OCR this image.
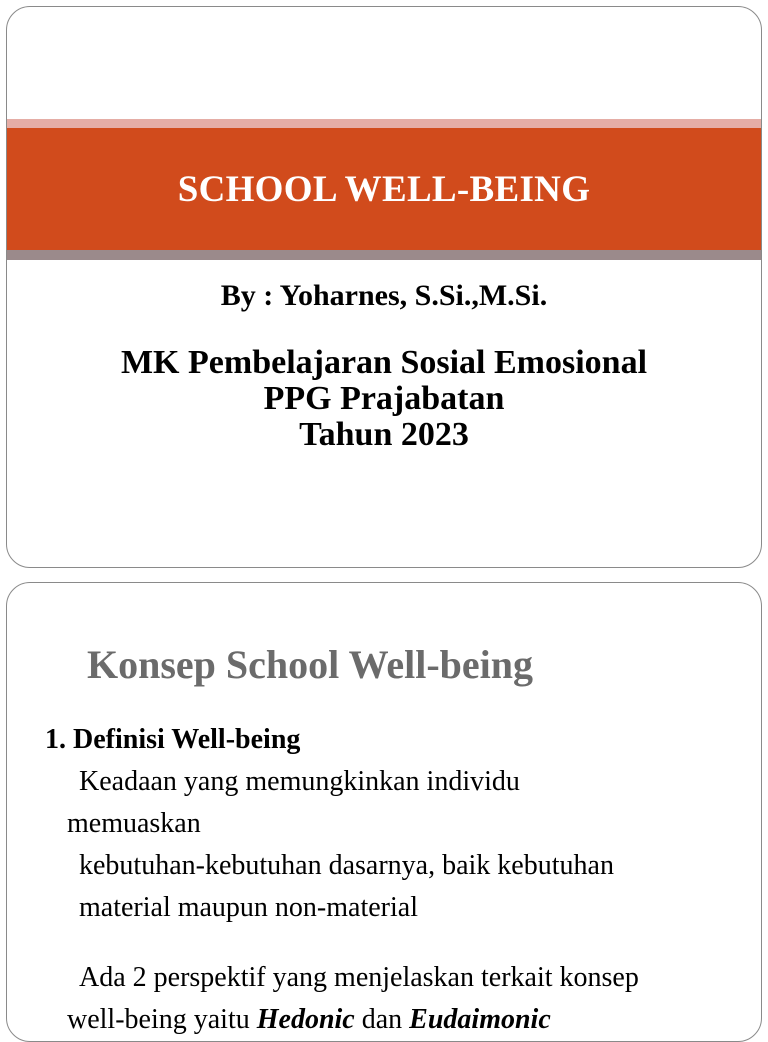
SCHOOL WELL-BEING
By : Yoharnes, S.Si.,M.Si.
MK Pembelajaran Sosial Emosional
PPG Prajabatan
Tahun 2023
Konsep School Well-being
1. Definisi Well-being
Keadaan yang memungkinkan individu
memuaskan
kebutuhan-kebutuhan dasarnya, baik kebutuhan
material maupun non-material
Ada 2 perspektif yang menjelaskan terkait konsep
well-being yaitu Hedonic dan Eudaimonic
